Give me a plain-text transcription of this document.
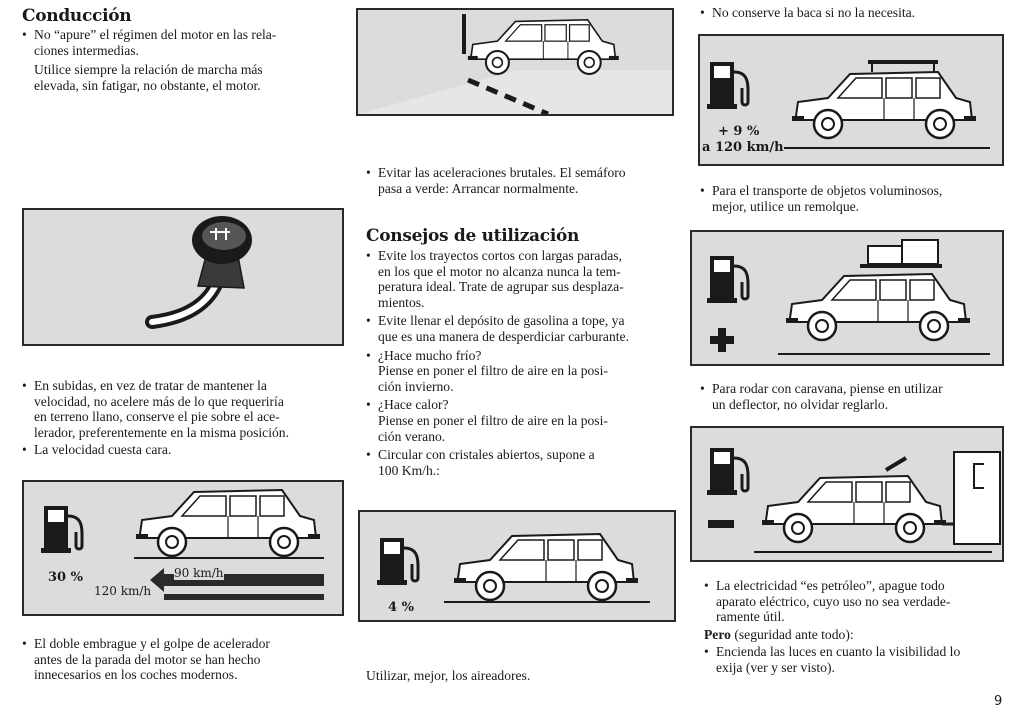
Conducción

• No “apure” el régimen del motor en las rela-
ciones intermedias.

Utilice siempre la relación de marcha más
elevada, sin fatigar, no obstante, el motor.

• En subidas, en vez de tratar de mantener la
velocidad, no acelere más de lo que requeriría
en terreno llano, conserve el pie sobre el ace-
lerador, preferentemente en la misma posición.

• La velocidad cuesta cara.

30 %	90 km/h
120 km/h

• El doble embrague y el golpe de acelerador
antes de la parada del motor se han hecho
innecesarios en los coches modernos.

• Evitar las aceleraciones brutales. El semáforo
pasa a verde: Arrancar normalmente.

Consejos de utilización

• Evite los trayectos cortos con largas paradas,
en los que el motor no alcanza nunca la tem-
peratura ideal. Trate de agrupar sus desplaza-
mientos.

• Evite llenar el depósito de gasolina a tope, ya
que es una manera de desperdiciar carburante.

• ¿Hace mucho frío?
Piense en poner el filtro de aire en la posi-
ción invierno.

• ¿Hace calor?
Piense en poner el filtro de aire en la posi-
ción verano.

• Circular con cristales abiertos, supone a
100 Km/h.:

4 %
Utilizar, mejor, los aireadores.

• No conserve la baca si no la necesita.

+ 9 %
a 120 km/h

• Para el transporte de objetos voluminosos,
mejor, utilice un remolque.

• Para rodar con caravana, piense en utilizar
un deflector, no olvidar reglarlo.

• La electricidad “es petróleo”, apague todo
aparato eléctrico, cuyo uso no sea verdade-
ramente útil.

Pero (seguridad ante todo):

• Encienda las luces en cuanto la visibilidad lo
exija (ver y ser visto).

9
